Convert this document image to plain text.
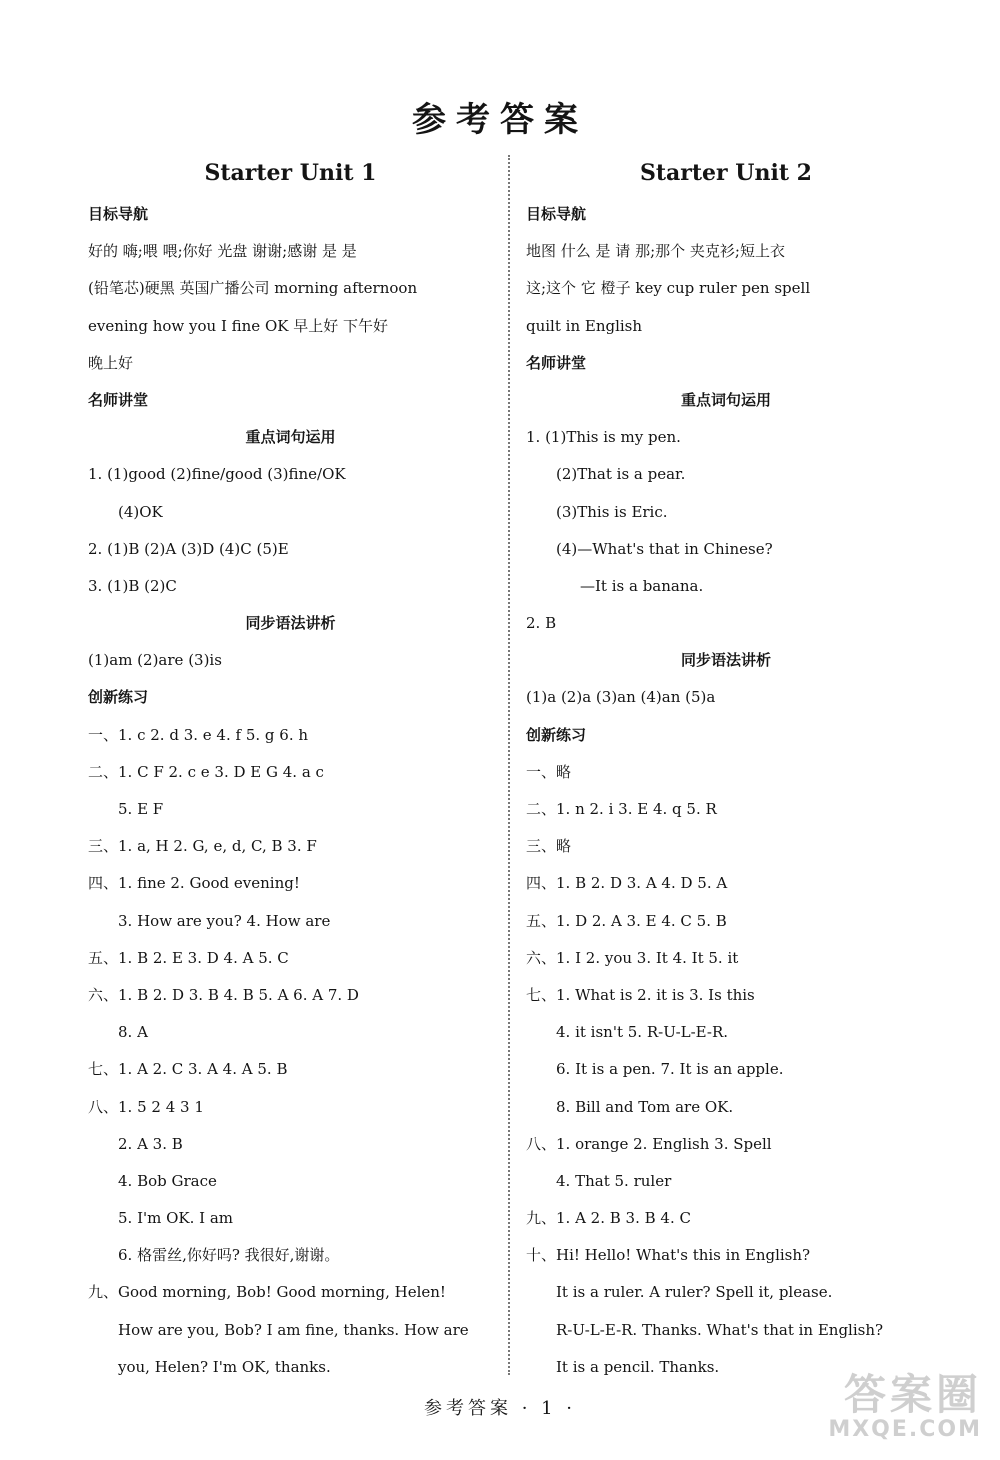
参考答案
Starter Unit 1
目标导航
好的 嗨;喂 喂;你好 光盘 谢谢;感谢 是 是
(铅笔芯)硬黑 英国广播公司 morning afternoon
evening how you I fine OK 早上好 下午好
晚上好
名师讲堂
重点词句运用
1. (1)good (2)fine/good (3)fine/OK
(4)OK
2. (1)B (2)A (3)D (4)C (5)E
3. (1)B (2)C
同步语法讲析
(1)am (2)are (3)is
创新练习
一、1. c 2. d 3. e 4. f 5. g 6. h
二、1. C F 2. c e 3. D E G 4. a c
5. E F
三、1. a, H 2. G, e, d, C, B 3. F
四、1. fine 2. Good evening!
3. How are you? 4. How are
五、1. B 2. E 3. D 4. A 5. C
六、1. B 2. D 3. B 4. B 5. A 6. A 7. D
8. A
七、1. A 2. C 3. A 4. A 5. B
八、1. 5 2 4 3 1
2. A 3. B
4. Bob Grace
5. I'm OK. I am
6. 格雷丝,你好吗? 我很好,谢谢。
九、Good morning, Bob! Good morning, Helen!
How are you, Bob? I am fine, thanks. How are
you, Helen? I'm OK, thanks.
Starter Unit 2
目标导航
地图 什么 是 请 那;那个 夹克衫;短上衣
这;这个 它 橙子 key cup ruler pen spell
quilt in English
名师讲堂
重点词句运用
1. (1)This is my pen.
(2)That is a pear.
(3)This is Eric.
(4)—What's that in Chinese?
—It is a banana.
2. B
同步语法讲析
(1)a (2)a (3)an (4)an (5)a
创新练习
一、略
二、1. n 2. i 3. E 4. q 5. R
三、略
四、1. B 2. D 3. A 4. D 5. A
五、1. D 2. A 3. E 4. C 5. B
六、1. I 2. you 3. It 4. It 5. it
七、1. What is 2. it is 3. Is this
4. it isn't 5. R-U-L-E-R.
6. It is a pen. 7. It is an apple.
8. Bill and Tom are OK.
八、1. orange 2. English 3. Spell
4. That 5. ruler
九、1. A 2. B 3. B 4. C
十、Hi! Hello! What's this in English?
It is a ruler. A ruler? Spell it, please.
R-U-L-E-R. Thanks. What's that in English?
It is a pencil. Thanks.
参考答案 · 1 ·	答案圈
MXQE.COM
